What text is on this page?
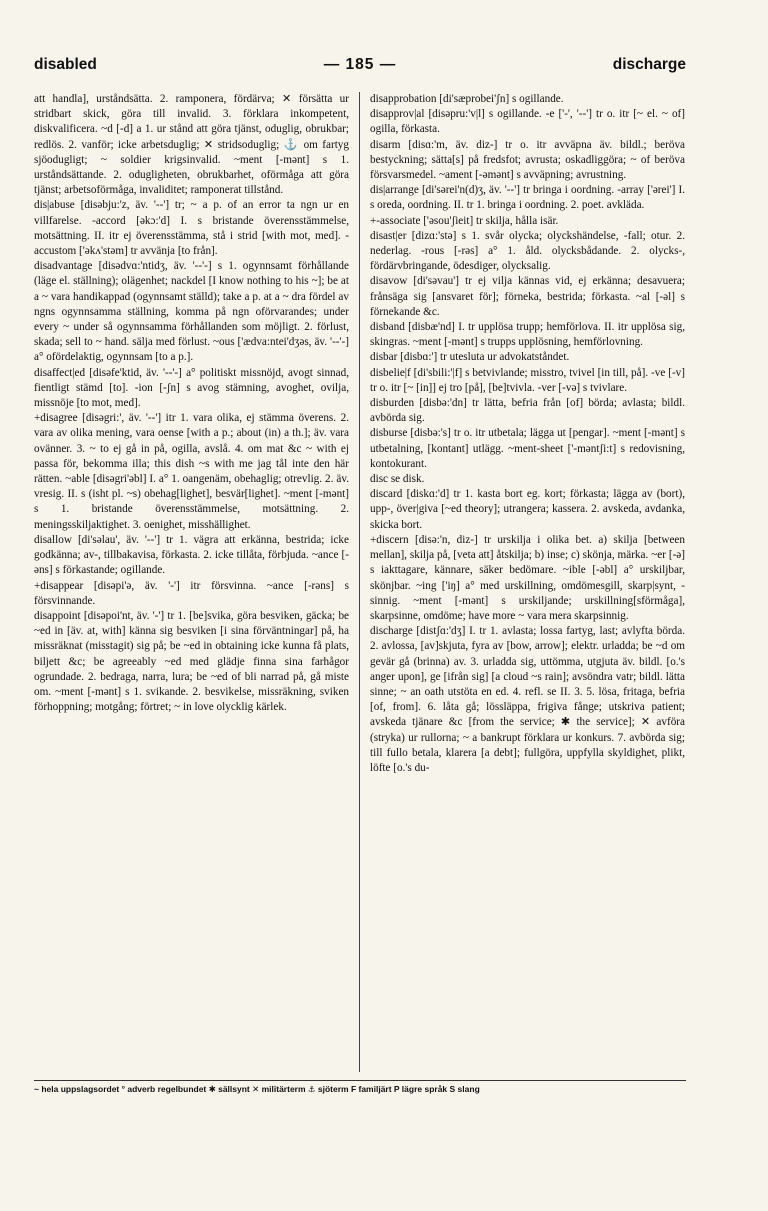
disabled	— 185 —	discharge

att handla], urståndsätta. 2. ramponera, fördärva; ✕ försätta ur stridbart skick, göra till invalid. 3. förklara inkompetent, diskvalificera. ~d [-d] a 1. ur stånd att göra tjänst, oduglig, obrukbar; redlös. 2. vanför; icke arbetsduglig; ✕ stridsoduglig; ⚓ om fartyg sjöodugligt; ~ soldier krigsinvalid. ~ment [-mənt] s 1. urståndsättande. 2. odugligheten, obrukbarhet, oförmåga att göra tjänst; arbetsoförmåga, invaliditet; ramponerat tillstånd.

dis|abuse [disǝbju:'z, äv. '--'] tr; ~ a p. of an error ta ngn ur en villfarelse. -accord [ǝkɔ:'d] I. s bristande överensstämmelse, motsättning. II. itr ej överensstämma, stå i strid [with mot, med]. -accustom ['ǝkʌ'stǝm] tr avvänja [to från].

disadvantage [disǝdvɑ:'ntidʒ, äv. '--'-] s 1. ogynnsamt förhållande (läge el. ställning); olägenhet; nackdel [I know nothing to his ~]; be at a ~ vara handikappad (ogynnsamt ställd); take a p. at a ~ dra fördel av ngns ogynnsamma ställning, komma på ngn oförvarandes; under every ~ under så ogynnsamma förhållanden som möjligt. 2. förlust, skada; sell to ~ hand. sälja med förlust. ~ous ['ædva:ntei'dʒǝs, äv. '--'-] a° ofördelaktig, ogynnsam [to a p.].

disaffect|ed [disǝfe'ktid, äv. '--'-] a° politiskt missnöjd, avogt sinnad, fientligt stämd [to]. -ion [-ʃn] s avog stämning, avoghet, ovilja, missnöje [to mot, med].

+disagree [disǝgri:', äv. '--'] itr 1. vara olika, ej stämma överens. 2. vara av olika mening, vara oense [with a p.; about (in) a th.]; äv. vara ovänner. 3. ~ to ej gå in på, ogilla, avslå. 4. om mat &c ~ with ej passa för, bekomma illa; this dish ~s with me jag tål inte den här rätten. ~able [disǝgri'ǝbl] I. a° 1. oangenäm, obehaglig; otrevlig. 2. äv. vresig. II. s (isht pl. ~s) obehag[lighet], besvär[lighet]. ~ment [-mǝnt] s 1. bristande överensstämmelse, motsättning. 2. meningsskiljaktighet. 3. oenighet, misshällighet.

disallow [di'sǝlau', äv. '--'] tr 1. vägra att erkänna, bestrida; icke godkänna; av-, tillbakavisa, förkasta. 2. icke tillåta, förbjuda. ~ance [-ǝns] s förkastande; ogillande.

+disappear [disǝpi'ǝ, äv. '-'] itr försvinna. ~ance [-rǝns] s försvinnande.

disappoint [disǝpoi'nt, äv. '-'] tr 1. [be]svika, göra besviken, gäcka; be ~ed in [äv. at, with] känna sig besviken [i sina förväntningar] på, ha missräknat (misstagit) sig på; be ~ed in obtaining icke kunna få plats, biljett &c; be agreeably ~ed med glädje finna sina farhågor ogrundade. 2. bedraga, narra, lura; be ~ed of bli narrad på, gå miste om. ~ment [-mǝnt] s 1. svikande. 2. besvikelse, missräkning, sviken förhoppning; motgång; förtret; ~ in love olycklig kärlek.

disapprobation [di'sæprobei'ʃn] s ogillande.

disapprov|al [disǝpru:'v|l] s ogillande. -e ['-', '--'] tr o. itr [~ el. ~ of] ogilla, förkasta.

disarm [disɑ:'m, äv. diz-] tr o. itr avväpna äv. bildl.; beröva bestyckning; sätta[s] på fredsfot; avrusta; oskadliggöra; ~ of beröva försvarsmedel. ~ament [-ǝmǝnt] s avväpning; avrustning.

dis|arrange [di'sǝrei'n(d)ʒ, äv. '--'] tr bringa i oordning. -array ['ǝrei'] I. s oreda, oordning. II. tr 1. bringa i oordning. 2. poet. avkläda.

+-associate ['ǝsou'ʃieit] tr skilja, hålla isär.

disast|er [dizɑ:'stǝ] s 1. svår olycka; olyckshändelse, -fall; otur. 2. nederlag. -rous [-rǝs] a° 1. åld. olycksbådande. 2. olycks-, fördärvbringande, ödesdiger, olycksalig.

disavow [di'sǝvau'] tr ej vilja kännas vid, ej erkänna; desavuera; frånsäga sig [ansvaret för]; förneka, bestrida; förkasta. ~al [-ǝl] s förnekande &c.

disband [disbæ'nd] I. tr upplösa trupp; hemförlova. II. itr upplösa sig, skingras. ~ment [-mǝnt] s trupps upplösning, hemförlovning.

disbar [disbɑ:'] tr utesluta ur advokatståndet.

disbelie|f [di'sbili:'|f] s betvivlande; misstro, tvivel [in till, på]. -ve [-v] tr o. itr [~ [in]] ej tro [på], [be]tvivla. -ver [-vǝ] s tvivlare.

disburden [disbǝ:'dn] tr lätta, befria från [of] börda; avlasta; bildl. avbörda sig.

disburse [disbǝ:'s] tr o. itr utbetala; lägga ut [pengar]. ~ment [-mǝnt] s utbetalning, [kontant] utlägg. ~ment-sheet ['-mǝntʃi:t] s redovisning, kontokurant.

disc se disk.

discard [diskɑ:'d] tr 1. kasta bort eg. kort; förkasta; lägga av (bort), upp-, över|giva [~ed theory]; utrangera; kassera. 2. avskeda, avdanka, skicka bort.

+discern [disǝ:'n, diz-] tr urskilja i olika bet. a) skilja [between mellan], skilja på, [veta att] åtskilja; b) inse; c) skönja, märka. ~er [-ǝ] s iakttagare, kännare, säker bedömare. ~ible [-ǝbl] a° urskiljbar, skönjbar. ~ing ['iŋ] a° med urskillning, omdömesgill, skarp|synt, -sinnig. ~ment [-mǝnt] s urskiljande; urskillning[sförmåga], skarpsinne, omdöme; have more ~ vara mera skarpsinnig.

discharge [distʃɑ:'dʒ] I. tr 1. avlasta; lossa fartyg, last; avlyfta börda. 2. avlossa, [av]skjuta, fyra av [bow, arrow]; elektr. urladda; be ~d om gevär gå (brinna) av. 3. urladda sig, uttömma, utgjuta äv. bildl. [o.'s anger upon], ge [ifrån sig] [a cloud ~s rain]; avsöndra vatr; bildl. lätta sinne; ~ an oath utstöta en ed. 4. refl. se II. 3. 5. lösa, fritaga, befria [of, from]. 6. låta gå; lössläppa, frigiva fånge; utskriva patient; avskeda tjänare &c [from the service; ✱ the service]; ✕ avföra (stryka) ur rullorna; ~ a bankrupt förklara ur konkurs. 7. avbörda sig; till fullo betala, klarera [a debt]; fullgöra, uppfylla skyldighet, plikt, löfte [o.'s du-

~ hela uppslagsordet ° adverb regelbundet ✱ sällsynt ✕ militärterm ⚓ sjöterm F familjärt P lägre språk S slang
